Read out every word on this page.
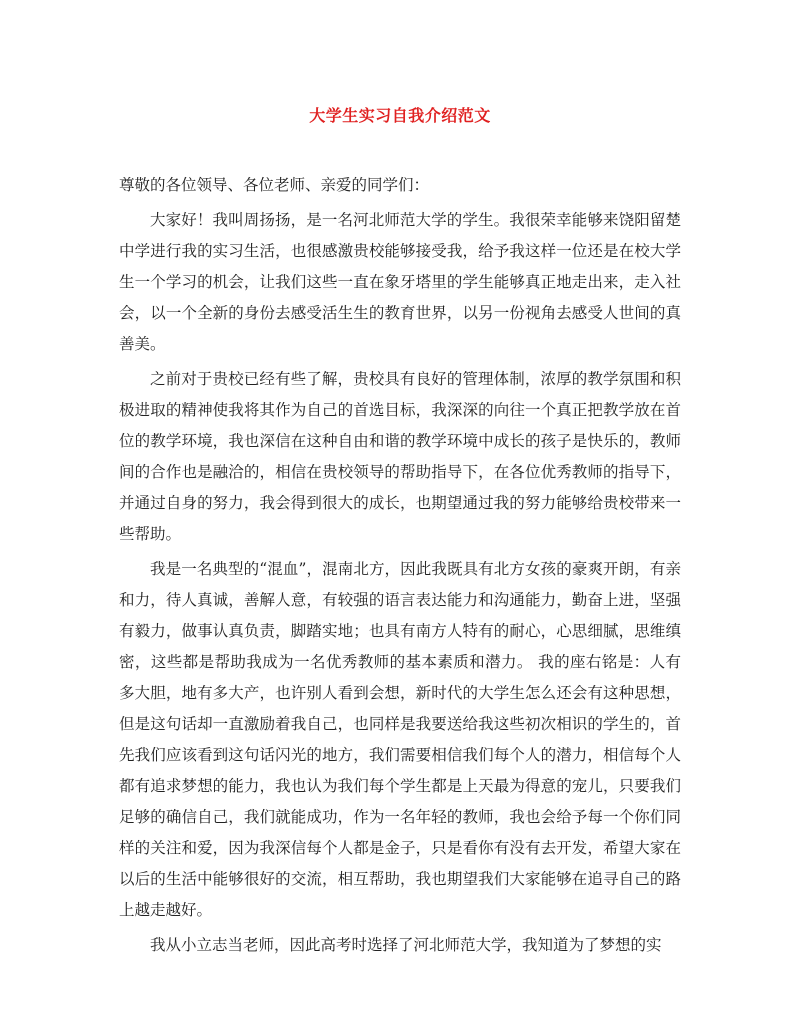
大学生实习自我介绍范文

尊敬的各位领导、各位老师、亲爱的同学们：

大家好！我叫周扬扬，是一名河北师范大学的学生。我很荣幸能够来饶阳留楚中学进行我的实习生活，也很感激贵校能够接受我，给予我这样一位还是在校大学生一个学习的机会，让我们这些一直在象牙塔里的学生能够真正地走出来，走入社会，以一个全新的身份去感受活生生的教育世界，以另一份视角去感受人世间的真善美。

之前对于贵校已经有些了解，贵校具有良好的管理体制，浓厚的教学氛围和积极进取的精神使我将其作为自己的首选目标，我深深的向往一个真正把教学放在首位的教学环境，我也深信在这种自由和谐的教学环境中成长的孩子是快乐的，教师间的合作也是融洽的，相信在贵校领导的帮助指导下，在各位优秀教师的指导下，并通过自身的努力，我会得到很大的成长，也期望通过我的努力能够给贵校带来一些帮助。

我是一名典型的“混血”，混南北方，因此我既具有北方女孩的豪爽开朗，有亲和力，待人真诚，善解人意，有较强的语言表达能力和沟通能力，勤奋上进，坚强有毅力，做事认真负责，脚踏实地；也具有南方人特有的耐心，心思细腻，思维缜密，这些都是帮助我成为一名优秀教师的基本素质和潜力。 我的座右铭是：人有多大胆，地有多大产，也许别人看到会想，新时代的大学生怎么还会有这种思想，但是这句话却一直激励着我自己，也同样是我要送给我这些初次相识的学生的，首先我们应该看到这句话闪光的地方，我们需要相信我们每个人的潜力，相信每个人都有追求梦想的能力，我也认为我们每个学生都是上天最为得意的宠儿，只要我们足够的确信自己，我们就能成功，作为一名年轻的教师，我也会给予每一个你们同样的关注和爱，因为我深信每个人都是金子，只是看你有没有去开发，希望大家在以后的生活中能够很好的交流，相互帮助，我也期望我们大家能够在追寻自己的路上越走越好。

我从小立志当老师，因此高考时选择了河北师范大学，我知道为了梦想的实
